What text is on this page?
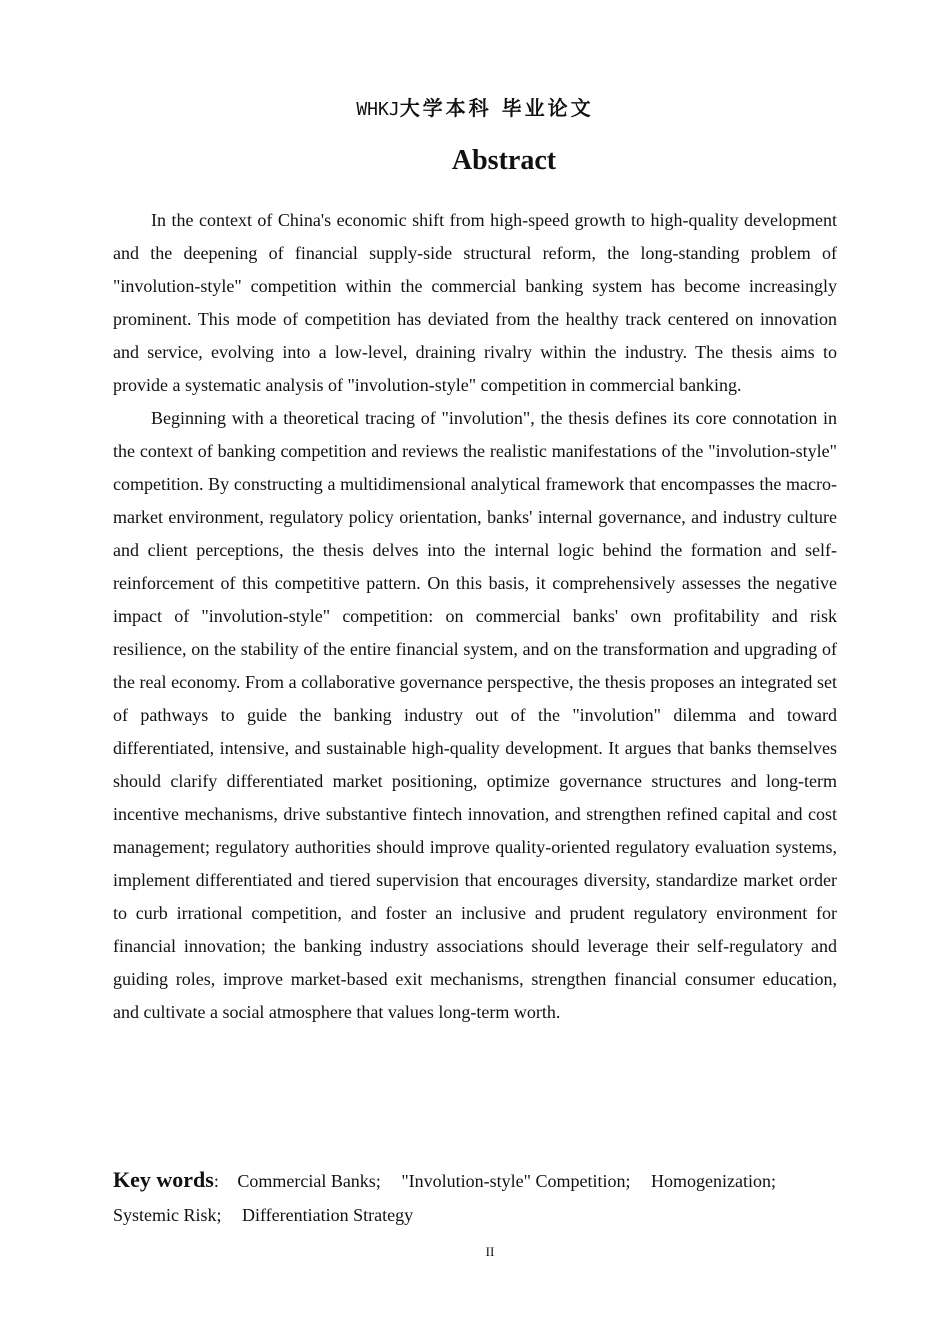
WHKJ大学本科 毕业论文
Abstract

In the context of China's economic shift from high-speed growth to high-quality development and the deepening of financial supply-side structural reform, the long-standing problem of "involution-style" competition within the commercial banking system has become increasingly prominent. This mode of competition has deviated from the healthy track centered on innovation and service, evolving into a low-level, draining rivalry within the industry. The thesis aims to provide a systematic analysis of "involution-style" competition in commercial banking.

Beginning with a theoretical tracing of "involution", the thesis defines its core connotation in the context of banking competition and reviews the realistic manifestations of the "involution-style" competition. By constructing a multidimensional analytical framework that encompasses the macro-market environment, regulatory policy orientation, banks' internal governance, and industry culture and client perceptions, the thesis delves into the internal logic behind the formation and self-reinforcement of this competitive pattern. On this basis, it comprehensively assesses the negative impact of "involution-style" competition: on commercial banks' own profitability and risk resilience, on the stability of the entire financial system, and on the transformation and upgrading of the real economy. From a collaborative governance perspective, the thesis proposes an integrated set of pathways to guide the banking industry out of the "involution" dilemma and toward differentiated, intensive, and sustainable high-quality development. It argues that banks themselves should clarify differentiated market positioning, optimize governance structures and long-term incentive mechanisms, drive substantive fintech innovation, and strengthen refined capital and cost management; regulatory authorities should improve quality-oriented regulatory evaluation systems, implement differentiated and tiered supervision that encourages diversity, standardize market order to curb irrational competition, and foster an inclusive and prudent regulatory environment for financial innovation; the banking industry associations should leverage their self-regulatory and guiding roles, improve market-based exit mechanisms, strengthen financial consumer education, and cultivate a social atmosphere that values long-term worth.

Key words: Commercial Banks; "Involution-style" Competition; Homogenization;
Systemic Risk; Differentiation Strategy
II
